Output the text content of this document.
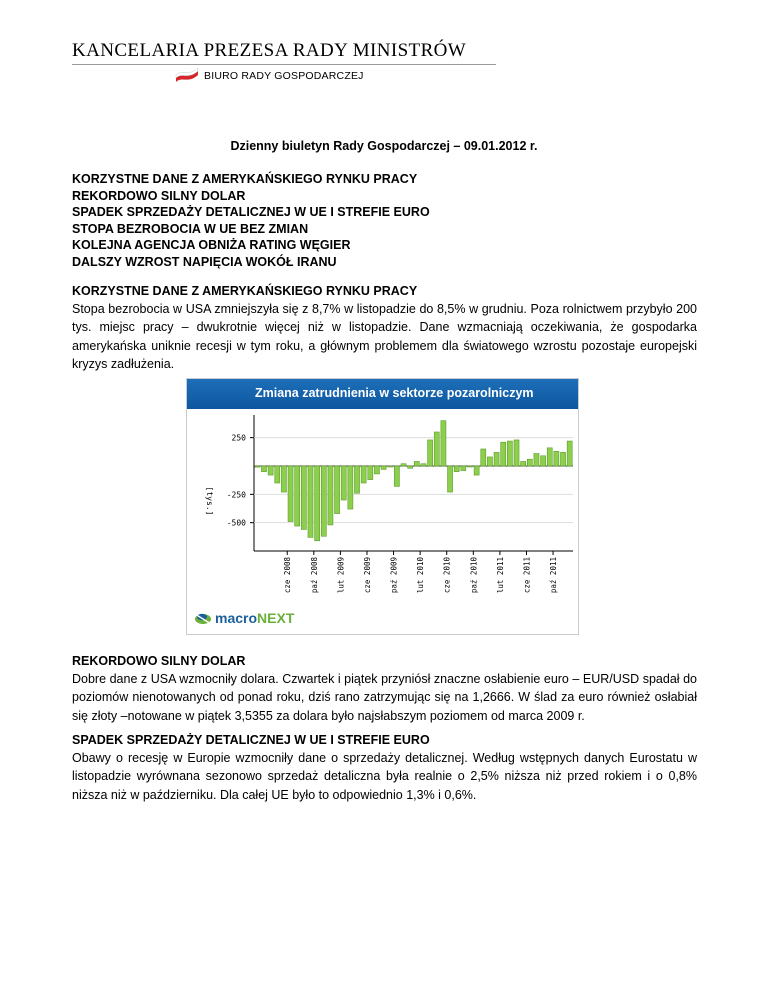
KANCELARIA PREZESA RADY MINISTRÓW
BIURO RADY GOSPODARCZEJ
Dzienny biuletyn Rady Gospodarczej – 09.01.2012 r.
KORZYSTNE DANE Z AMERYKAŃSKIEGO RYNKU PRACY
REKORDOWO SILNY DOLAR
SPADEK SPRZEDAŻY DETALICZNEJ W UE I STREFIE EURO
STOPA BEZROBOCIA W UE BEZ ZMIAN
KOLEJNA AGENCJA OBNIŻA RATING WĘGIER
DALSZY WZROST NAPIĘCIA WOKÓŁ IRANU
KORZYSTNE DANE Z AMERYKAŃSKIEGO RYNKU PRACY
Stopa bezrobocia w USA zmniejszyła się z 8,7% w listopadzie do 8,5% w grudniu. Poza rolnictwem przybyło 200 tys. miejsc pracy – dwukrotnie więcej niż w listopadzie. Dane wzmacniają oczekiwania, że gospodarka amerykańska uniknie recesji w tym roku, a głównym problemem dla światowego wzrostu pozostaje europejski kryzys zadłużenia.
Zmiana zatrudnienia w sektorze pozarolniczym
250
-250
-500
[tys.]
cze 2008 paź 2008 lut 2009 cze 2009 paź 2009 lut 2010 cze 2010 paź 2010 lut 2011 cze 2011 paź 2011
macroNEXT
REKORDOWO SILNY DOLAR
Dobre dane z USA wzmocniły dolara. Czwartek i piątek przyniósł znaczne osłabienie euro – EUR/USD spadał do poziomów nienotowanych od ponad roku, dziś rano zatrzymując się na 1,2666. W ślad za euro również osłabiał się złoty –notowane w piątek 3,5355 za dolara było najsłabszym poziomem od marca 2009 r.
SPADEK SPRZEDAŻY DETALICZNEJ W UE I STREFIE EURO
Obawy o recesję w Europie wzmocniły dane o sprzedaży detalicznej. Według wstępnych danych Eurostatu w listopadzie wyrównana sezonowo sprzedaż detaliczna była realnie o 2,5% niższa niż przed rokiem i o 0,8% niższa niż w październiku. Dla całej UE było to odpowiednio 1,3% i 0,6%.
